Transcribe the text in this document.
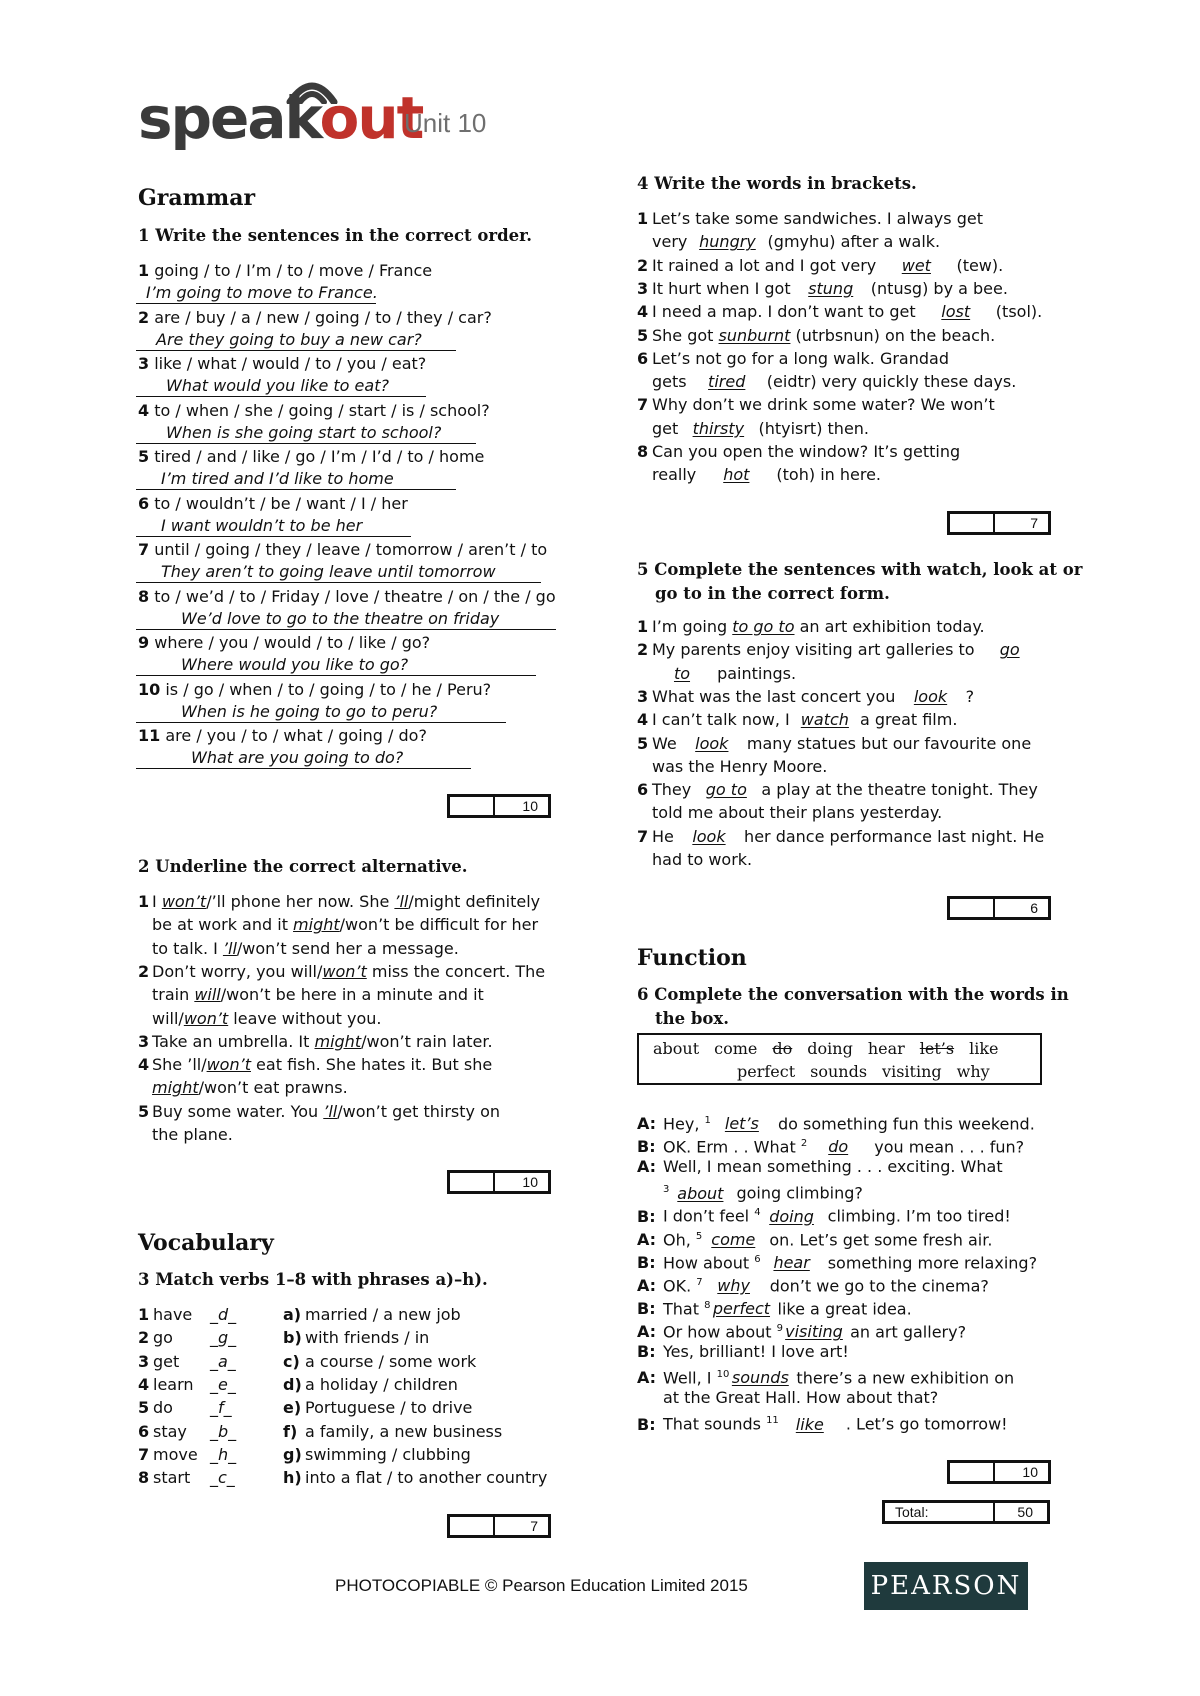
speakout
Unit 10
Grammar
1 Write the sentences in the correct order.
1 going / to / I’m / to / move / France
I’m going to move to France.
2 are / buy / a / new / going / to / they / car?
Are they going to buy a new car?
3 like / what / would / to / you / eat?
What would you like to eat?
4 to / when / she / going / start / is / school?
When is she going start to school?
5 tired / and / like / go / I’m / I’d / to / home
I’m tired and I’d like to home
6 to / wouldn’t / be / want / I / her
I want wouldn’t to be her
7 until / going / they / leave / tomorrow / aren’t / to
They aren’t to going leave until tomorrow
8 to / we’d / to / Friday / love / theatre / on / the / go
We’d love to go to the theatre on friday
9 where / you / would / to / like / go?
Where would you like to go?
10 is / go / when / to / going / to / he / Peru?
When is he going to go to peru?
11 are / you / to / what / going / do?
What are you going to do?
10
2 Underline the correct alternative.
1 I won’t/’ll phone her now. She ’ll/might definitely
be at work and it might/won’t be difficult for her
to talk. I ’ll/won’t send her a message.
2 Don’t worry, you will/won’t miss the concert. The
train will/won’t be here in a minute and it
will/won’t leave without you.
3 Take an umbrella. It might/won’t rain later.
4 She ’ll/won’t eat fish. She hates it. But she
might/won’t eat prawns.
5 Buy some water. You ’ll/won’t get thirsty on
the plane.
10
Vocabulary
3 Match verbs 1–8 with phrases a)–h).
1 have _d_	a) married / a new job
2 go _g_	b) with friends / in
3 get _a_	c) a course / some work
4 learn _e_	d) a holiday / children
5 do _f_	e) Portuguese / to drive
6 stay _b_	f) a family, a new business
7 move _h_	g) swimming / clubbing
8 start _c_	h) into a flat / to another country
7
4 Write the words in brackets.
1 Let’s take some sandwiches. I always get
very hungry (gmyhu) after a walk.
2 It rained a lot and I got very wet (tew).
3 It hurt when I got stung (ntusg) by a bee.
4 I need a map. I don’t want to get lost (tsol).
5 She got sunburnt (utrbsnun) on the beach.
6 Let’s not go for a long walk. Grandad
gets tired (eidtr) very quickly these days.
7 Why don’t we drink some water? We won’t
get thirsty (htyisrt) then.
8 Can you open the window? It’s getting
really hot (toh) in here.
7
5 Complete the sentences with watch, look at or
go to in the correct form.
1 I’m going to go to an art exhibition today.
2 My parents enjoy visiting art galleries to go
to paintings.
3 What was the last concert you look ?
4 I can’t talk now, I watch a great film.
5 We look many statues but our favourite one
was the Henry Moore.
6 They go to a play at the theatre tonight. They
told me about their plans yesterday.
7 He look her dance performance last night. He
had to work.
6
Function
6 Complete the conversation with the words in
the box.
about come do doing hear let’s like
perfect sounds visiting why
A: Hey, $^1$ let’s do something fun this weekend.
B: OK. Erm . . What $^2$ do you mean . . . fun?
A: Well, I mean something . . . exciting. What
$^3$ about going climbing?
B: I don’t feel $^4$ doing climbing. I’m too tired!
A: Oh, $^5$ come on. Let’s get some fresh air.
B: How about $^6$ hear something more relaxing?
A: OK. $^7$ why don’t we go to the cinema?
B: That $^8$ perfect like a great idea.
A: Or how about $^9$ visiting an art gallery?
B: Yes, brilliant! I love art!
A: Well, I $^{10}$ sounds there’s a new exhibition on
at the Great Hall. How about that?
B: That sounds $^{11}$ like . Let’s go tomorrow!
10
Total:	50
PHOTOCOPIABLE © Pearson Education Limited 2015	PEARSON
